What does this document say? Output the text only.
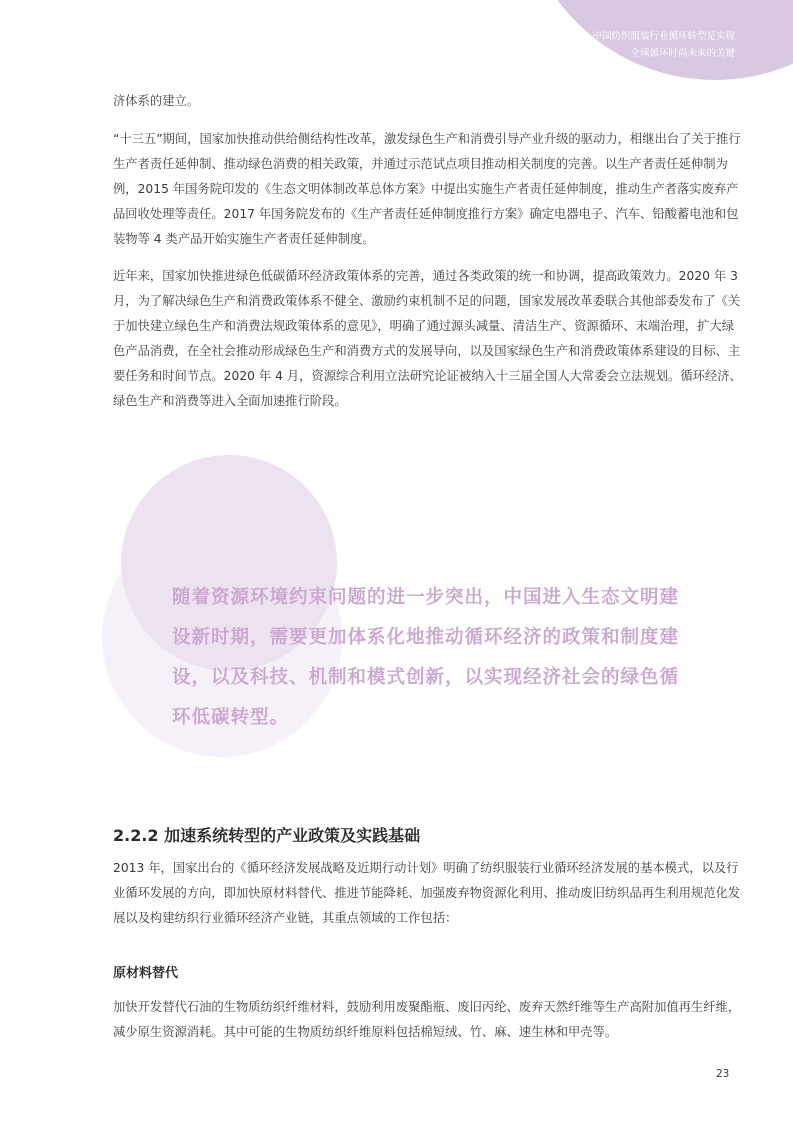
中国纺织服装行业循环转型是实现
全球循环时尚未来的关键

济体系的建立。

“十三五”期间，国家加快推动供给侧结构性改革，激发绿色生产和消费引导产业升级的驱动力，相继出台了关于推行生产者责任延伸制、推动绿色消费的相关政策，并通过示范试点项目推动相关制度的完善。以生产者责任延伸制为例，2015 年国务院印发的《生态文明体制改革总体方案》中提出实施生产者责任延伸制度，推动生产者落实废弃产品回收处理等责任。2017 年国务院发布的《生产者责任延伸制度推行方案》确定电器电子、汽车、铅酸蓄电池和包装物等 4 类产品开始实施生产者责任延伸制度。

近年来，国家加快推进绿色低碳循环经济政策体系的完善，通过各类政策的统一和协调，提高政策效力。2020 年 3 月，为了解决绿色生产和消费政策体系不健全、激励约束机制不足的问题，国家发展改革委联合其他部委发布了《关于加快建立绿色生产和消费法规政策体系的意见》，明确了通过源头减量、清洁生产、资源循环、末端治理，扩大绿色产品消费，在全社会推动形成绿色生产和消费方式的发展导向，以及国家绿色生产和消费政策体系建设的目标、主要任务和时间节点。2020 年 4 月，资源综合利用立法研究论证被纳入十三届全国人大常委会立法规划。循环经济、绿色生产和消费等进入全面加速推行阶段。

随着资源环境约束问题的进一步突出，中国进入生态文明建设新时期，需要更加体系化地推动循环经济的政策和制度建设，以及科技、机制和模式创新，以实现经济社会的绿色循环低碳转型。

2.2.2 加速系统转型的产业政策及实践基础

2013 年，国家出台的《循环经济发展战略及近期行动计划》明确了纺织服装行业循环经济发展的基本模式，以及行业循环发展的方向，即加快原材料替代、推进节能降耗、加强废弃物资源化利用、推动废旧纺织品再生利用规范化发展以及构建纺织行业循环经济产业链，其重点领域的工作包括：

原材料替代

加快开发替代石油的生物质纺织纤维材料，鼓励利用废聚酯瓶、废旧丙纶、废弃天然纤维等生产高附加值再生纤维，减少原生资源消耗。其中可能的生物质纺织纤维原料包括棉短绒、竹、麻、速生林和甲壳等。

23
